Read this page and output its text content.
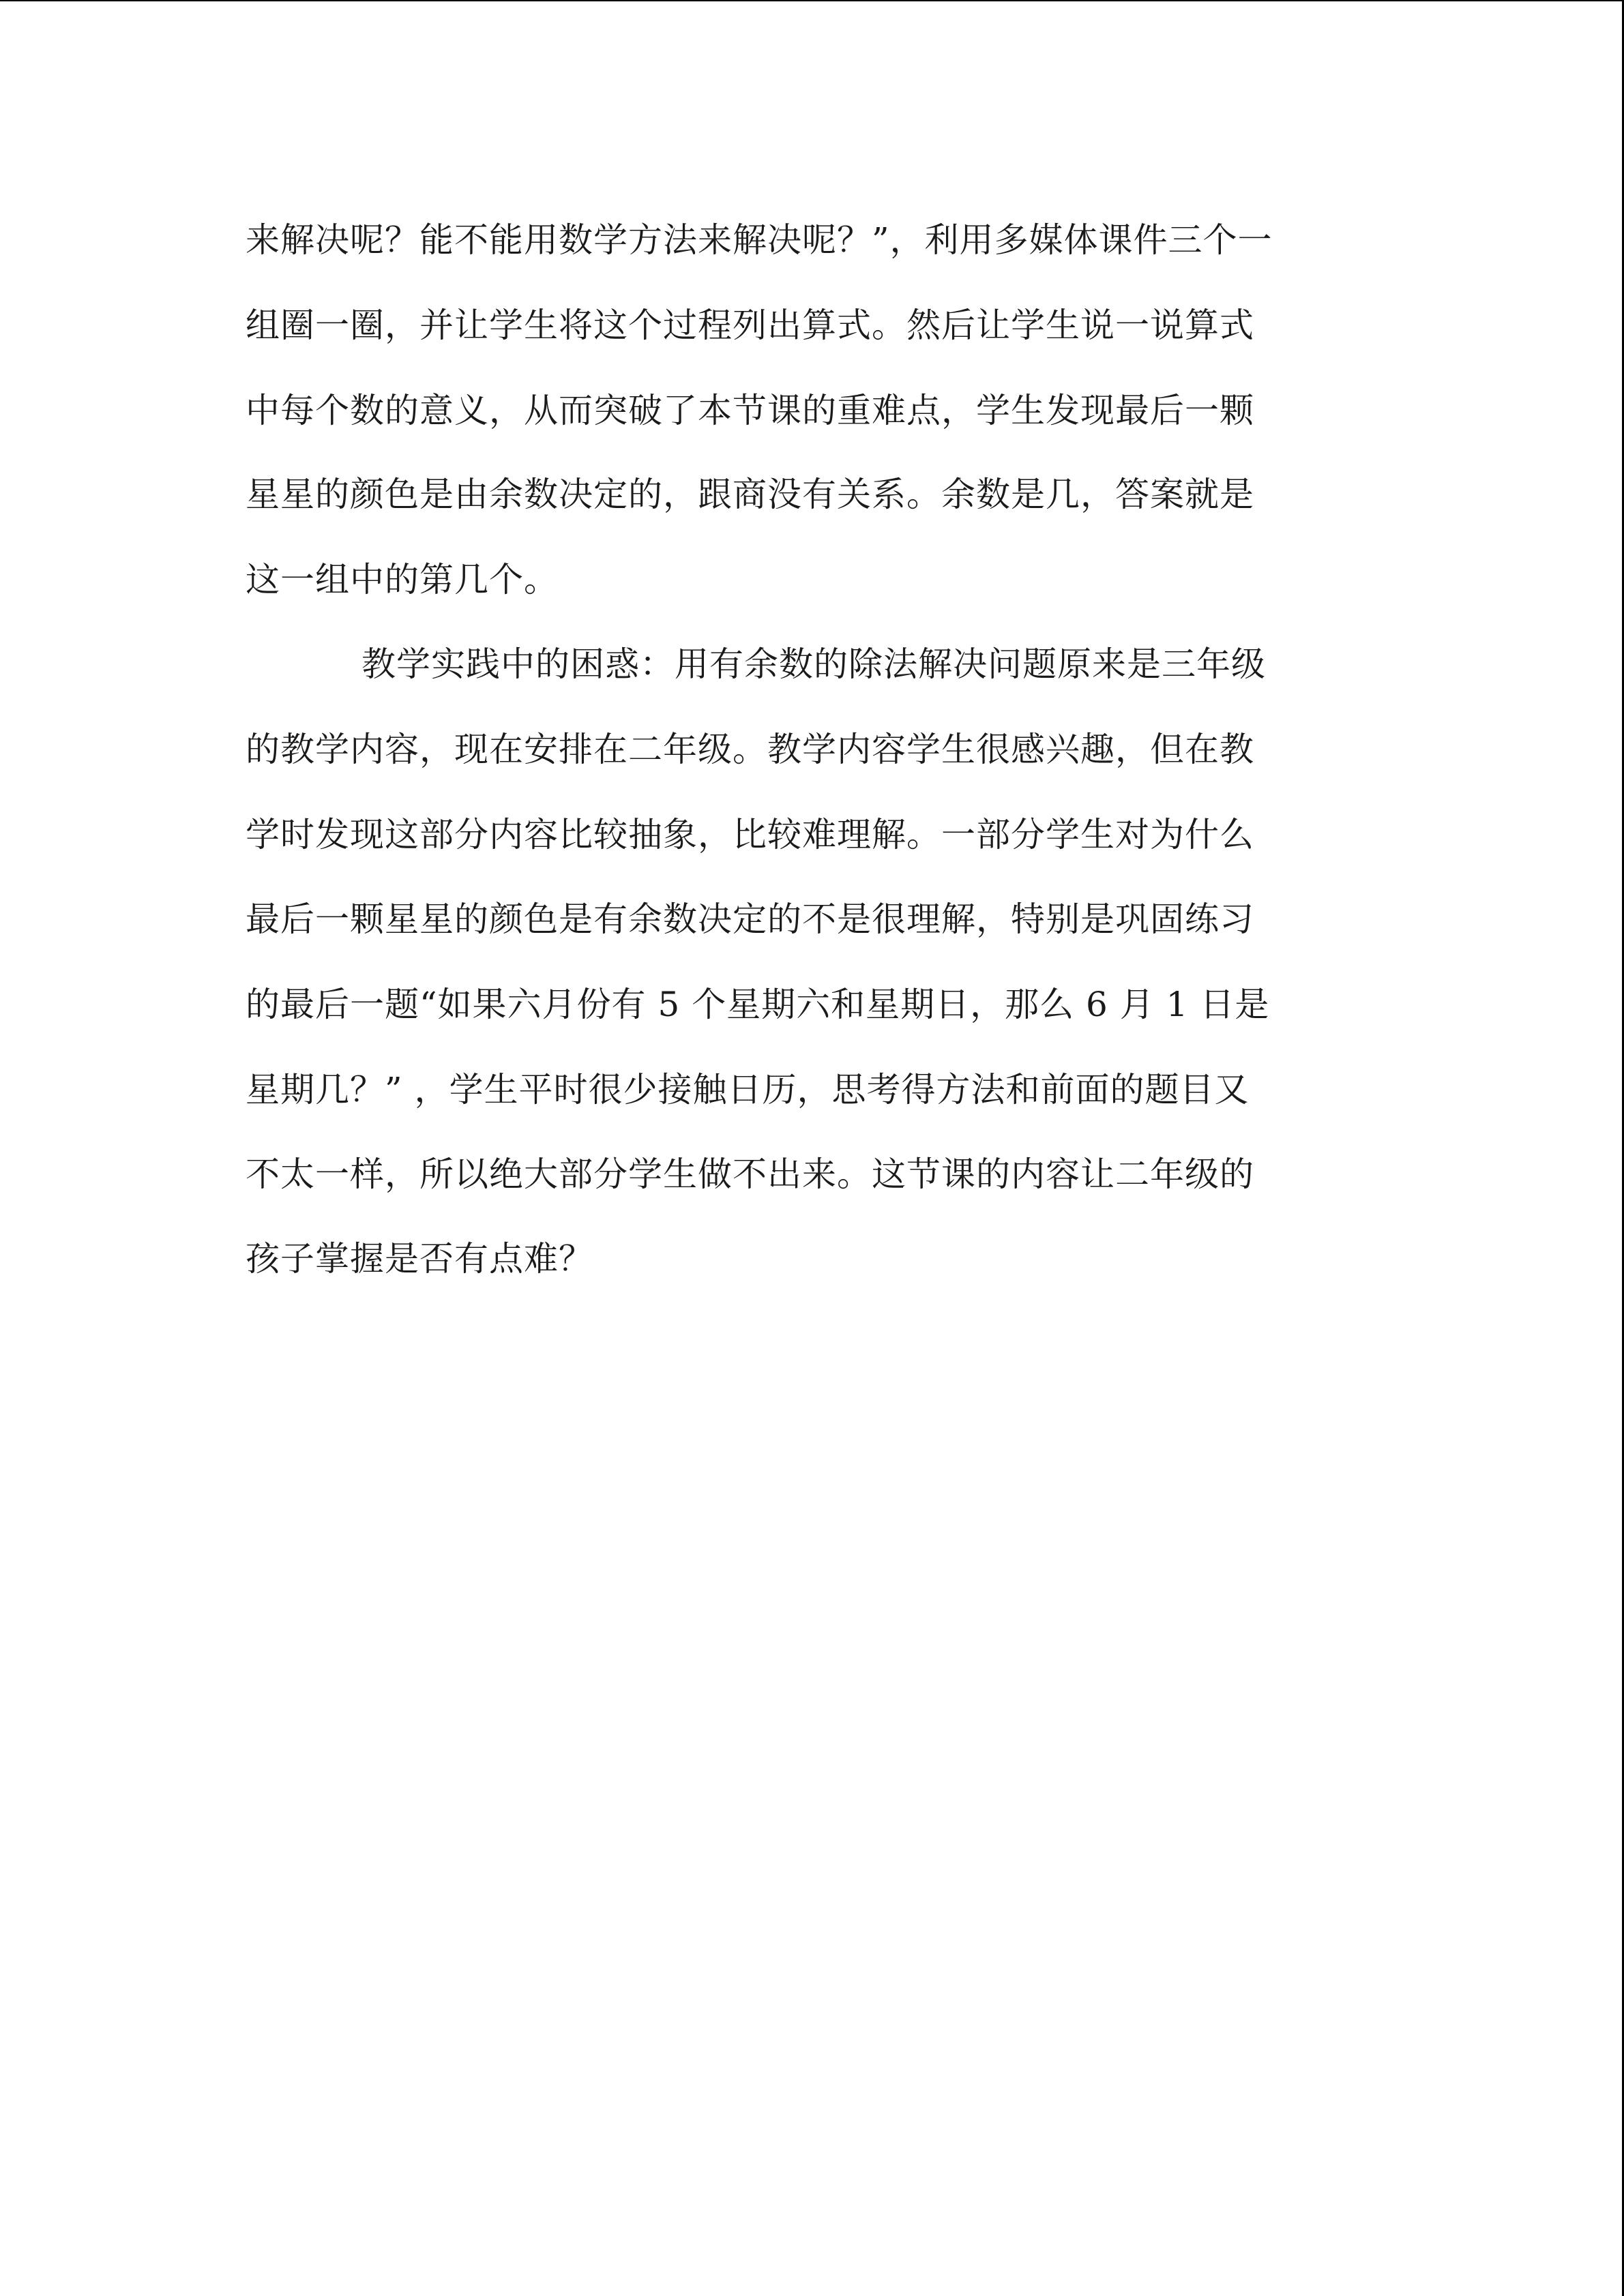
来解决呢？能不能用数学方法来解决呢？”，利用多媒体课件三个一
组圈一圈，并让学生将这个过程列出算式。然后让学生说一说算式
中每个数的意义，从而突破了本节课的重难点，学生发现最后一颗
星星的颜色是由余数决定的，跟商没有关系。余数是几，答案就是
这一组中的第几个。
教学实践中的困惑：用有余数的除法解决问题原来是三年级
的教学内容，现在安排在二年级。教学内容学生很感兴趣，但在教
学时发现这部分内容比较抽象，比较难理解。一部分学生对为什么
最后一颗星星的颜色是有余数决定的不是很理解，特别是巩固练习
的最后一题“如果六月份有 5 个星期六和星期日，那么 6 月 1 日是
星期几？” ，学生平时很少接触日历，思考得方法和前面的题目又
不太一样，所以绝大部分学生做不出来。这节课的内容让二年级的
孩子掌握是否有点难？
